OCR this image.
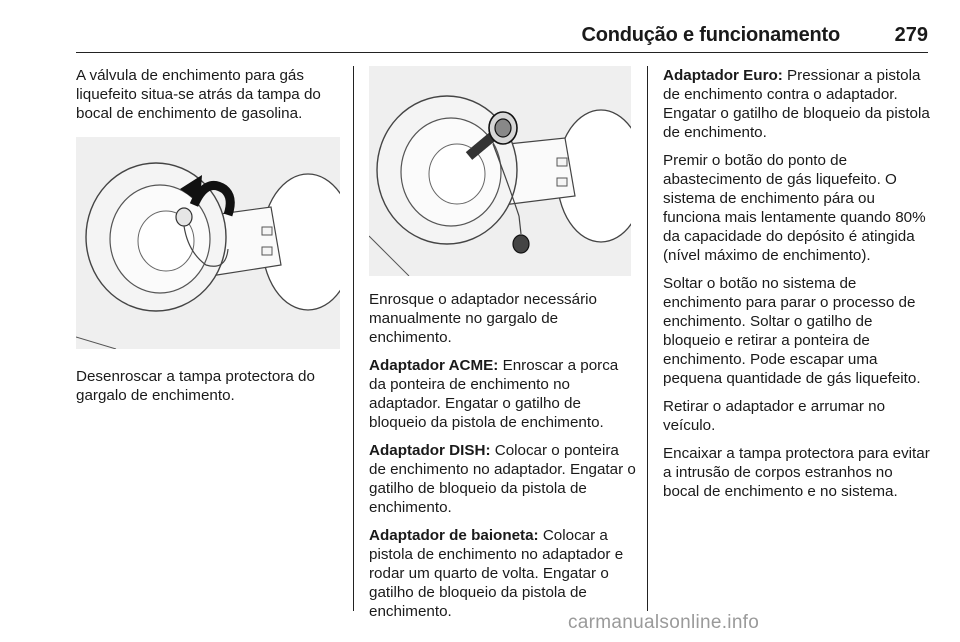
Condução e funcionamento	279

A válvula de enchimento para gás liquefeito situa-se atrás da tampa do bocal de enchimento de gasolina.

Desenroscar a tampa protectora do gargalo de enchimento.

Enrosque o adaptador necessário manualmente no gargalo de enchimento.

Adaptador ACME: Enroscar a porca da ponteira de enchimento no adaptador. Engatar o gatilho de bloqueio da pistola de enchimento.

Adaptador DISH: Colocar o ponteira de enchimento no adaptador. Engatar o gatilho de bloqueio da pistola de enchimento.

Adaptador de baioneta: Colocar a pistola de enchimento no adaptador e rodar um quarto de volta. Engatar o gatilho de bloqueio da pistola de enchimento.

Adaptador Euro: Pressionar a pistola de enchimento contra o adaptador. Engatar o gatilho de bloqueio da pistola de enchimento.

Premir o botão do ponto de abastecimento de gás liquefeito. O sistema de enchimento pára ou funciona mais lentamente quando 80% da capacidade do depósito é atingida (nível máximo de enchimento).

Soltar o botão no sistema de enchimento para parar o processo de enchimento. Soltar o gatilho de bloqueio e retirar a ponteira de enchimento. Pode escapar uma pequena quantidade de gás liquefeito.

Retirar o adaptador e arrumar no veículo.

Encaixar a tampa protectora para evitar a intrusão de corpos estranhos no bocal de enchimento e no sistema.

carmanualsonline.info
